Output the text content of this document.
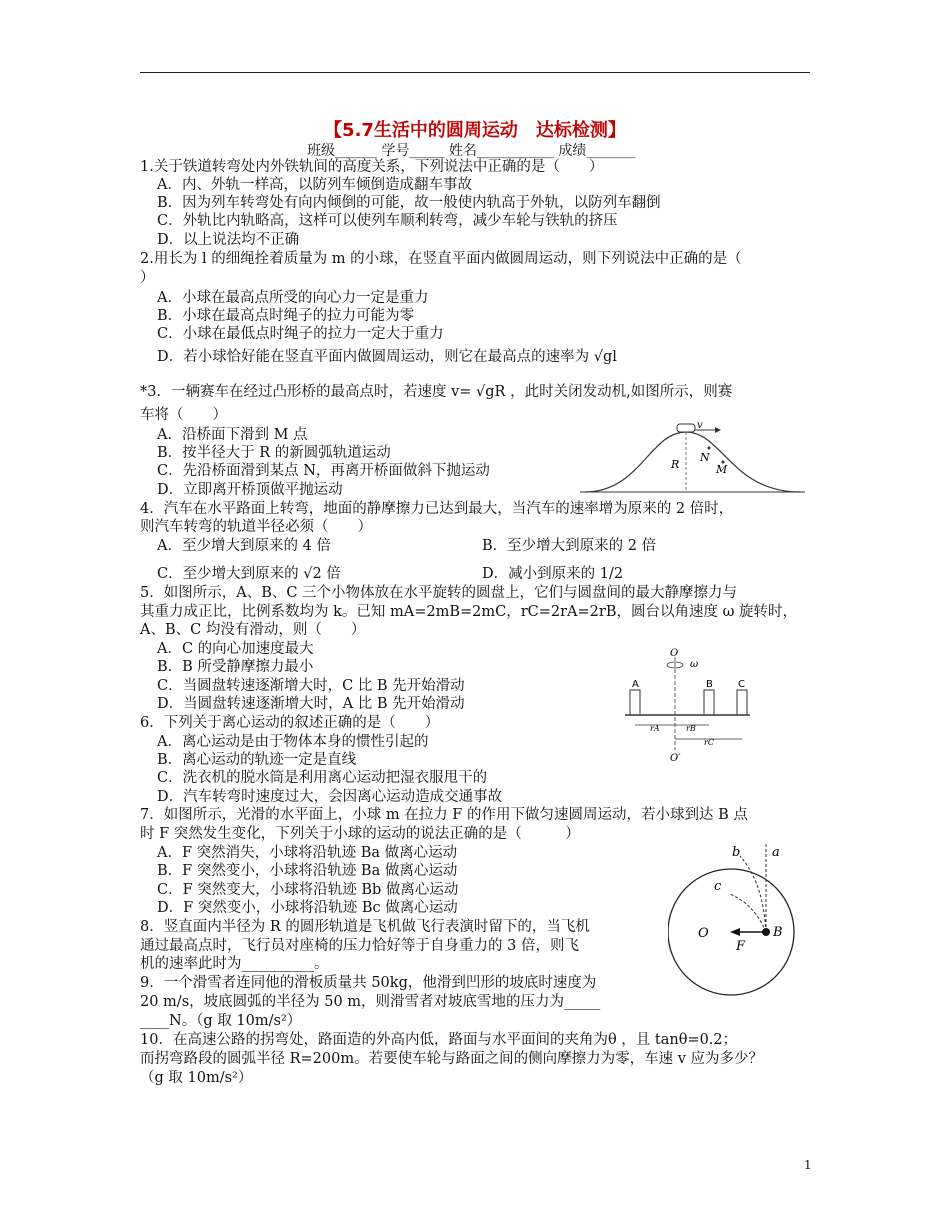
【5.7生活中的圆周运动　达标检测】
班级______ 学号_____ 姓名___________ 成绩_______
1.关于铁道转弯处内外铁轨间的高度关系，下列说法中正确的是（　　）
A．内、外轨一样高，以防列车倾倒造成翻车事故
B．因为列车转弯处有向内倾倒的可能，故一般使内轨高于外轨，以防列车翻倒
C．外轨比内轨略高，这样可以使列车顺利转弯，减少车轮与铁轨的挤压
D．以上说法均不正确
2.用长为 l 的细绳拴着质量为 m 的小球，在竖直平面内做圆周运动，则下列说法中正确的是（
）
A．小球在最高点所受的向心力一定是重力
B．小球在最高点时绳子的拉力可能为零
C．小球在最低点时绳子的拉力一定大于重力
D．若小球恰好能在竖直平面内做圆周运动，则它在最高点的速率为 √gl
*3．一辆赛车在经过凸形桥的最高点时，若速度 v= √gR ，此时关闭发动机,如图所示，则赛
车将（　　）
A．沿桥面下滑到 M 点
B．按半径大于 R 的新圆弧轨道运动
C．先沿桥面滑到某点 N，再离开桥面做斜下抛运动
D．立即离开桥顶做平抛运动
4．汽车在水平路面上转弯，地面的静摩擦力已达到最大，当汽车的速率增为原来的 2 倍时，
则汽车转弯的轨道半径必须（　　）
A．至少增大到原来的 4 倍	B．至少增大到原来的 2 倍
C．至少增大到原来的 √2 倍	D．减小到原来的 1/2
5．如图所示，A、B、C 三个小物体放在水平旋转的圆盘上，它们与圆盘间的最大静摩擦力与
其重力成正比，比例系数均为 k。已知 mA=2mB=2mC，rC=2rA=2rB，圆台以角速度 ω 旋转时，
A、B、C 均没有滑动，则（　　）
A．C 的向心加速度最大
B．B 所受静摩擦力最小
C．当圆盘转速逐渐增大时，C 比 B 先开始滑动
D．当圆盘转速逐渐增大时，A 比 B 先开始滑动
6．下列关于离心运动的叙述正确的是（　　）
A．离心运动是由于物体本身的惯性引起的
B．离心运动的轨迹一定是直线
C．洗衣机的脱水筒是利用离心运动把湿衣服甩干的
D．汽车转弯时速度过大，会因离心运动造成交通事故
7．如图所示，光滑的水平面上，小球 m 在拉力 F 的作用下做匀速圆周运动，若小球到达 B 点
时 F 突然发生变化，下列关于小球的运动的说法正确的是（　　　）
A．F 突然消失，小球将沿轨迹 Ba 做离心运动
B．F 突然变小，小球将沿轨迹 Ba 做离心运动
C．F 突然变大，小球将沿轨迹 Bb 做离心运动
D．F 突然变小，小球将沿轨迹 Bc 做离心运动
8．竖直面内半径为 R 的圆形轨道是飞机做飞行表演时留下的，当飞机
通过最高点时，飞行员对座椅的压力恰好等于自身重力的 3 倍，则飞
机的速率此时为__________。
9．一个滑雪者连同他的滑板质量共 50kg，他滑到凹形的坡底时速度为
20 m/s，坡底圆弧的半径为 50 m，则滑雪者对坡底雪地的压力为_____
____N。（g 取 10m/s²）
10．在高速公路的拐弯处，路面造的外高内低，路面与水平面间的夹角为θ ，且 tanθ=0.2；
而拐弯路段的圆弧半径 R=200m。若要使车轮与路面之间的侧向摩擦力为零，车速 v 应为多少？
（g 取 10m/s²）
v
R
N
M
O
ω
A	B	C
rA	rB
rC
O′
b a
c
O
F
B
1
